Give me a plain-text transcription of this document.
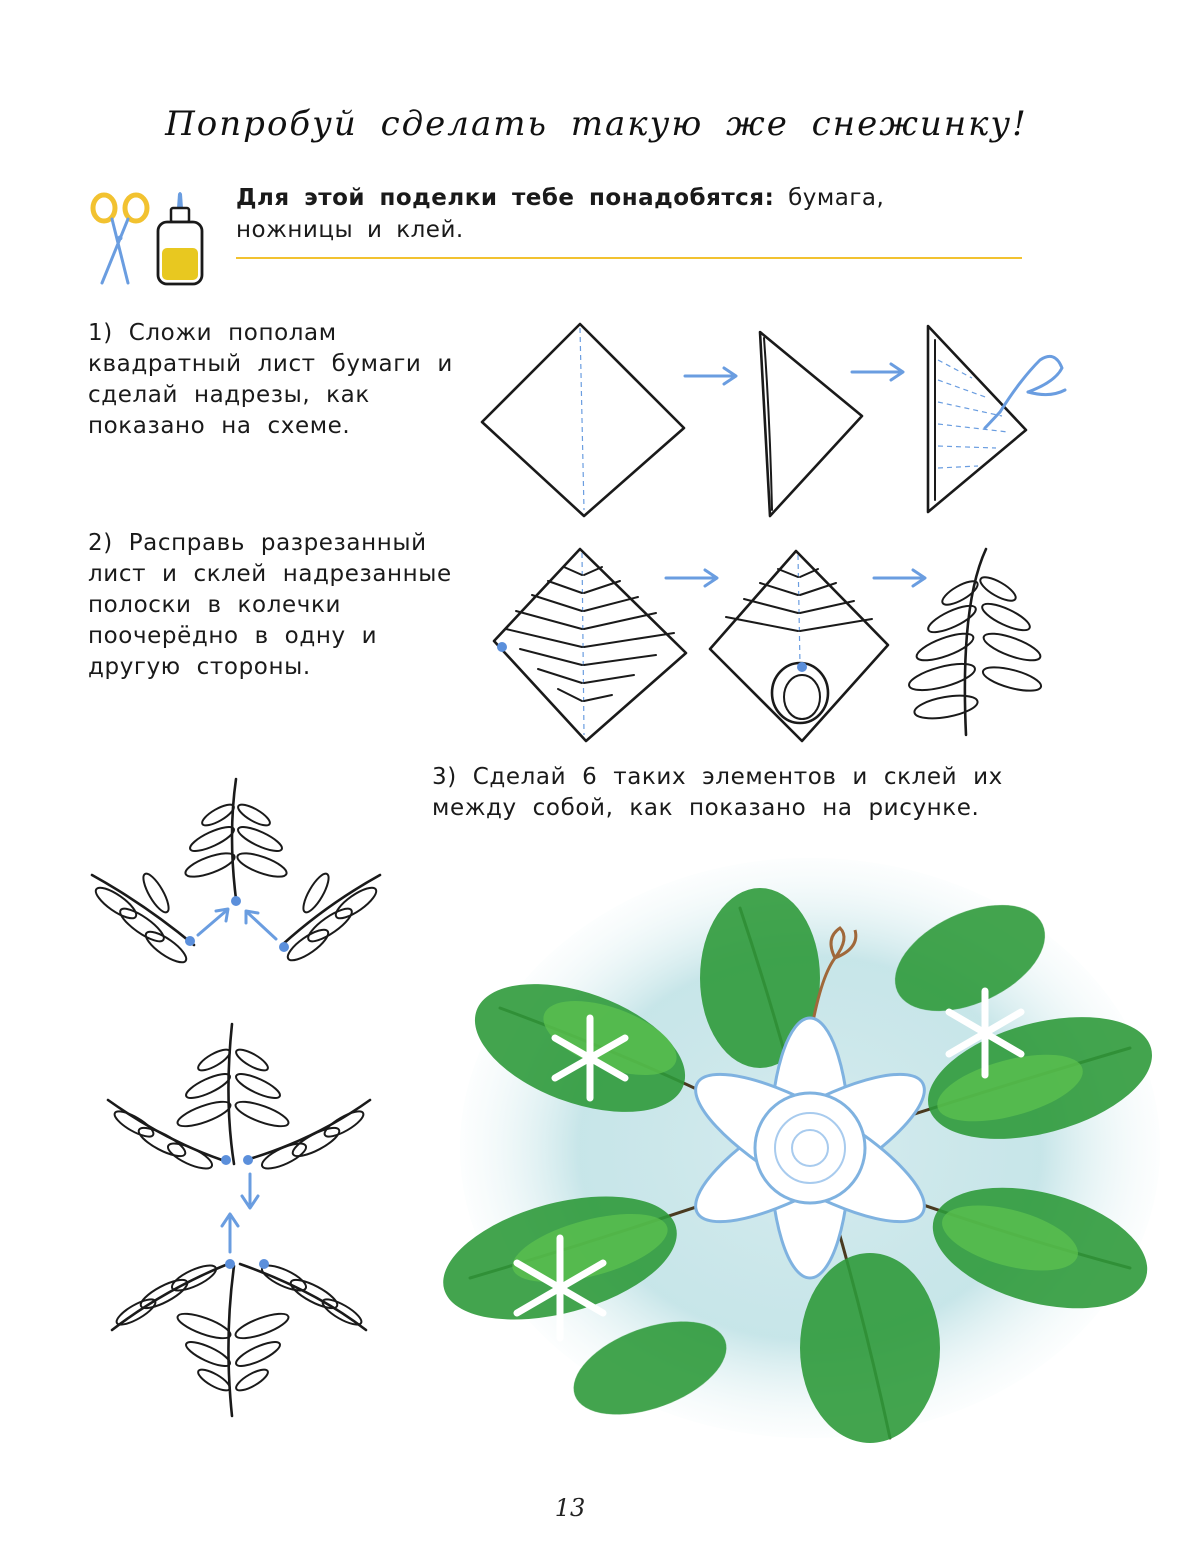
Попробуй сделать такую же снежинку!
Для этой поделки тебе понадобятся: бумага, ножницы и клей.
1) Сложи пополам квадратный лист бумаги и сделай надрезы, как показано на схеме.
2) Расправь разрезанный лист и склей надрезанные полоски в колечки поочерёдно в одну и другую стороны.
3) Сделай 6 таких элементов и склей их между собой, как показано на рисунке.
13
